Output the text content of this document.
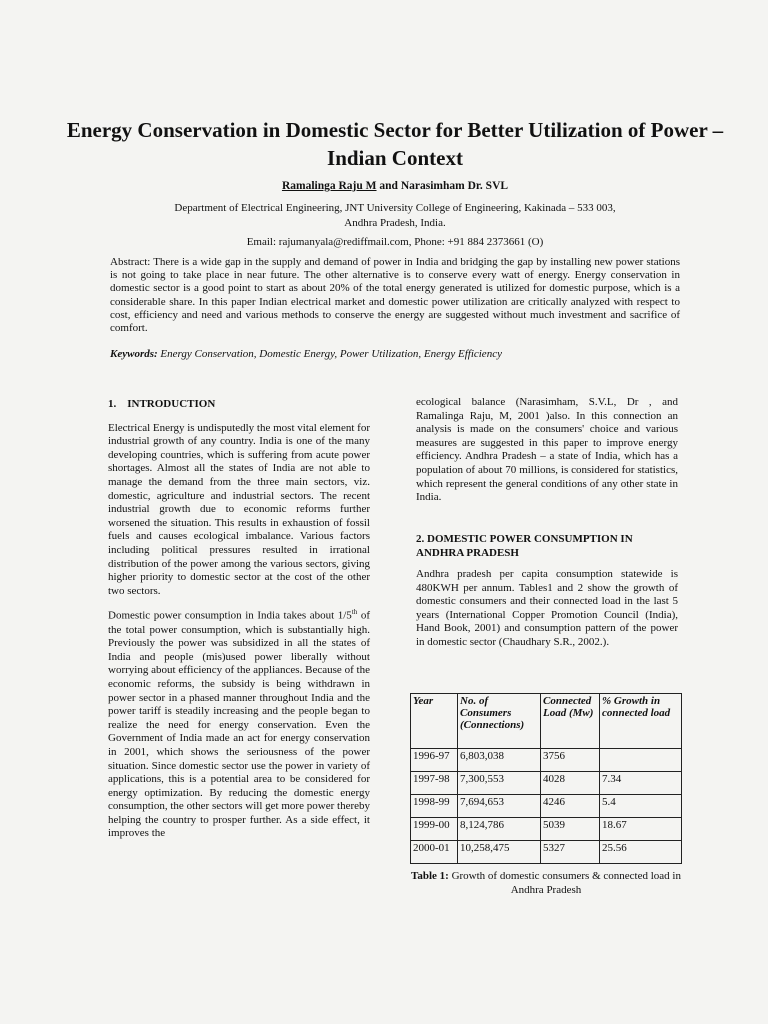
Energy Conservation in Domestic Sector for Better Utilization of Power – Indian Context
Ramalinga Raju M and Narasimham Dr. SVL
Department of Electrical Engineering, JNT University College of Engineering, Kakinada – 533 003,
Andhra Pradesh, India.
Email: rajumanyala@rediffmail.com, Phone: +91 884 2373661 (O)

Abstract: There is a wide gap in the supply and demand of power in India and bridging the gap by installing new power stations is not going to take place in near future. The other alternative is to conserve every watt of energy. Energy conservation in domestic sector is a good point to start as about 20% of the total energy generated is utilized for domestic purpose, which is a considerable share. In this paper Indian electrical market and domestic power utilization are critically analyzed with respect to cost, efficiency and need and various methods to conserve the energy are suggested without much investment and sacrifice of comfort.

Keywords: Energy Conservation, Domestic Energy, Power Utilization, Energy Efficiency

1.    INTRODUCTION

Electrical Energy is undisputedly the most vital element for industrial growth of any country. India is one of the many developing countries, which is suffering from acute power shortages. Almost all the states of India are not able to manage the demand from the three main sectors, viz. domestic, agriculture and industrial sectors. The recent industrial growth due to economic reforms further worsened the situation. This results in exhaustion of fossil fuels and causes ecological imbalance. Various factors including political pressures resulted in irrational distribution of the power among the various sectors, giving higher priority to domestic sector at the cost of the other two sectors.

Domestic power consumption in India takes about 1/5th of the total power consumption, which is substantially high. Previously the power was subsidized in all the states of India and people (mis)used power liberally without worrying about efficiency of the appliances. Because of the economic reforms, the subsidy is being withdrawn in power sector in a phased manner throughout India and the power tariff is steadily increasing and the people began to realize the need for energy conservation. Even the Government of India made an act for energy conservation in 2001, which shows the seriousness of the power situation. Since domestic sector use the power in variety of applications, this is a potential area to be considered for energy optimization. By reducing the domestic energy consumption, the other sectors will get more power thereby helping the country to prosper further. As a side effect, it improves the

ecological balance (Narasimham, S.V.L, Dr , and Ramalinga Raju, M, 2001 )also. In this connection an analysis is made on the consumers' choice and various measures are suggested in this paper to improve energy efficiency. Andhra Pradesh – a state of India, which has a population of about 70 millions, is considered for statistics, which represent the general conditions of any other state in India.

2. DOMESTIC POWER CONSUMPTION IN ANDHRA PRADESH

Andhra pradesh per capita consumption statewide is 480KWH per annum. Tables1 and 2 show the growth of domestic consumers and their connected load in the last 5 years (International Copper Promotion Council (India), Hand Book, 2001) and consumption pattern of the power in domestic sector (Chaudhary S.R., 2002.).

Year	No. of Consumers (Connections)	Connected Load (Mw)	% Growth in connected load
1996-97	6,803,038	3756	
1997-98	7,300,553	4028	7.34
1998-99	7,694,653	4246	5.4
1999-00	8,124,786	5039	18.67
2000-01	10,258,475	5327	25.56
Table 1: Growth of domestic consumers & connected load in Andhra Pradesh
